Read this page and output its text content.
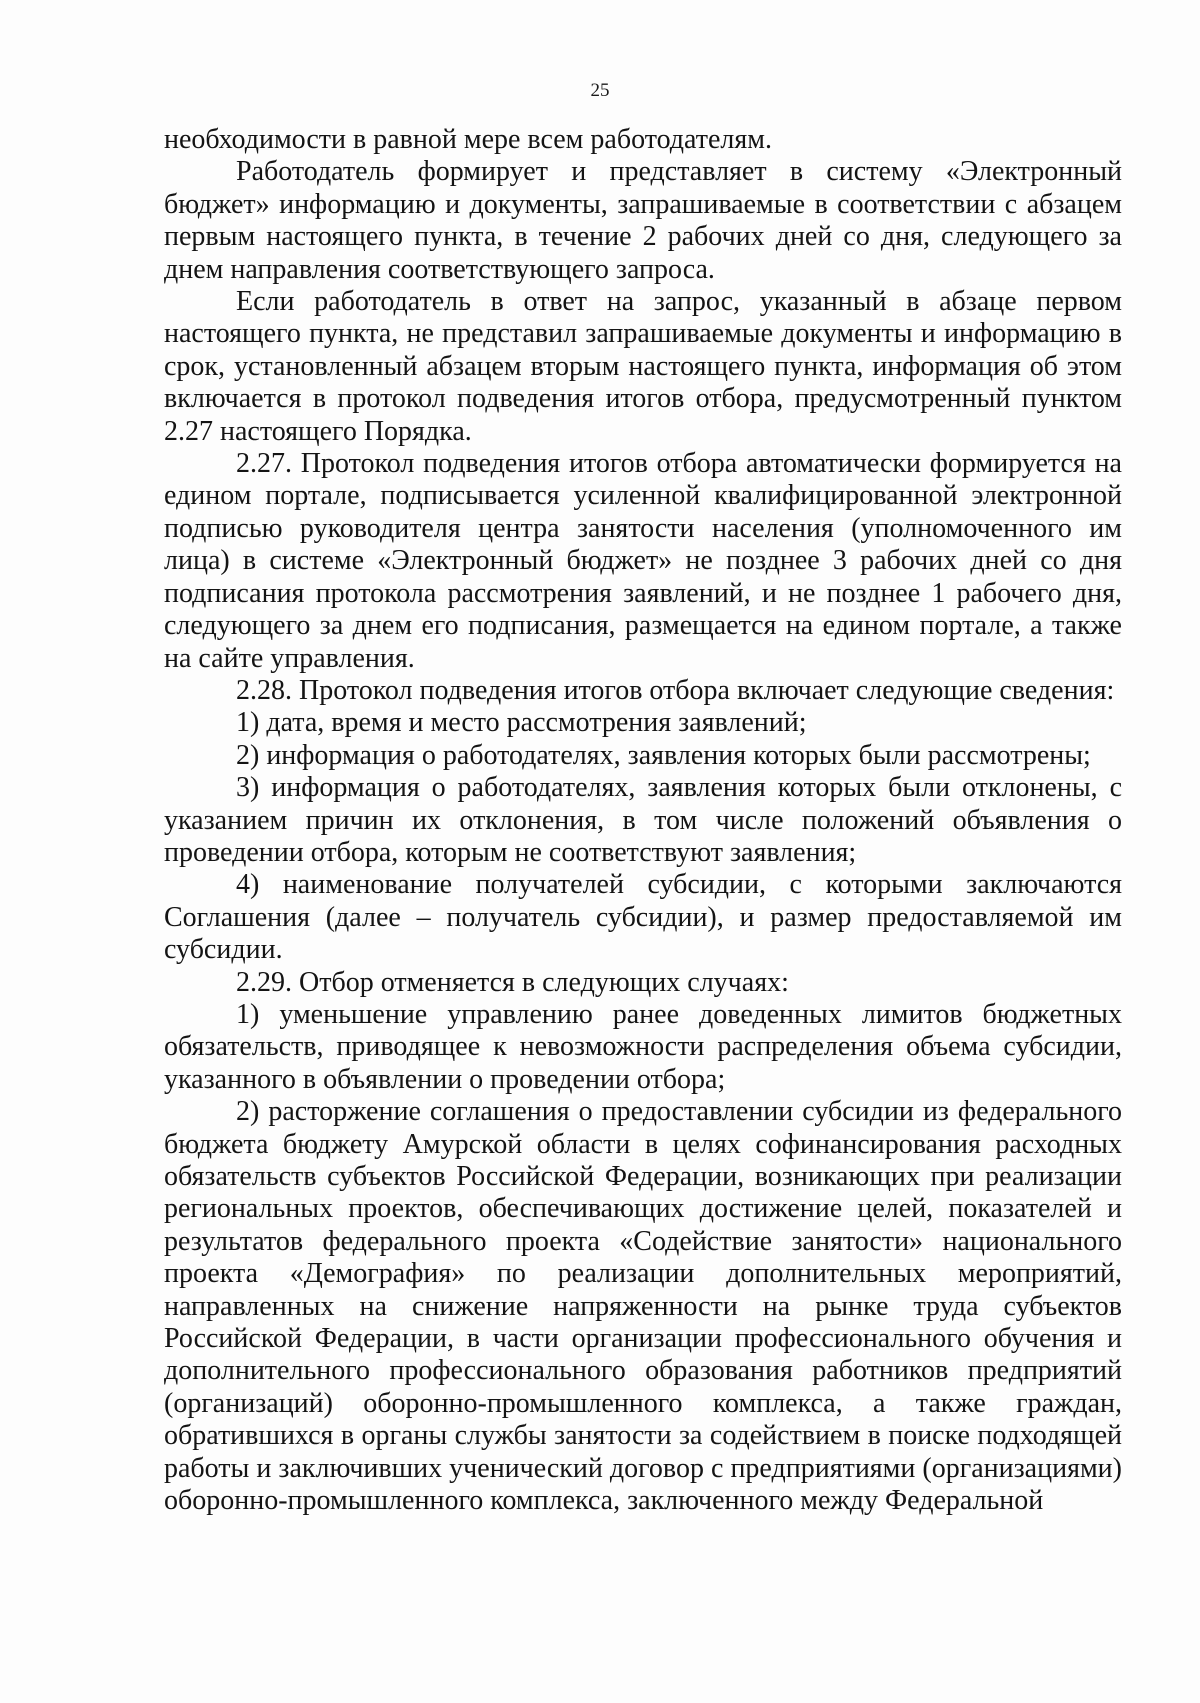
25

необходимости в равной мере всем работодателям.

Работодатель формирует и представляет в систему «Электронный бюджет» информацию и документы, запрашиваемые в соответствии с абзацем первым настоящего пункта, в течение 2 рабочих дней со дня, следующего за днем направления соответствующего запроса.

Если работодатель в ответ на запрос, указанный в абзаце первом настоящего пункта, не представил запрашиваемые документы и информацию в срок, установленный абзацем вторым настоящего пункта, информация об этом включается в протокол подведения итогов отбора, предусмотренный пунктом 2.27 настоящего Порядка.

2.27. Протокол подведения итогов отбора автоматически формируется на едином портале, подписывается усиленной квалифицированной электронной подписью руководителя центра занятости населения (уполномоченного им лица) в системе «Электронный бюджет» не позднее 3 рабочих дней со дня подписания протокола рассмотрения заявлений, и не позднее 1 рабочего дня, следующего за днем его подписания, размещается на едином портале, а также на сайте управления.

2.28. Протокол подведения итогов отбора включает следующие сведения:

1) дата, время и место рассмотрения заявлений;

2) информация о работодателях, заявления которых были рассмотрены;

3) информация о работодателях, заявления которых были отклонены, с указанием причин их отклонения, в том числе положений объявления о проведении отбора, которым не соответствуют заявления;

4) наименование получателей субсидии, с которыми заключаются Соглашения (далее – получатель субсидии), и размер предоставляемой им субсидии.

2.29. Отбор отменяется в следующих случаях:

1) уменьшение управлению ранее доведенных лимитов бюджетных обязательств, приводящее к невозможности распределения объема субсидии, указанного в объявлении о проведении отбора;

2) расторжение соглашения о предоставлении субсидии из федерального бюджета бюджету Амурской области в целях софинансирования расходных обязательств субъектов Российской Федерации, возникающих при реализации региональных проектов, обеспечивающих достижение целей, показателей и результатов федерального проекта «Содействие занятости» национального проекта «Демография» по реализации дополнительных мероприятий, направленных на снижение напряженности на рынке труда субъектов Российской Федерации, в части организации профессионального обучения и дополнительного профессионального образования работников предприятий (организаций) оборонно-промышленного комплекса, а также граждан, обратившихся в органы службы занятости за содействием в поиске подходящей работы и заключивших ученический договор с предприятиями (организациями) оборонно-промышленного комплекса, заключенного между Федеральной
